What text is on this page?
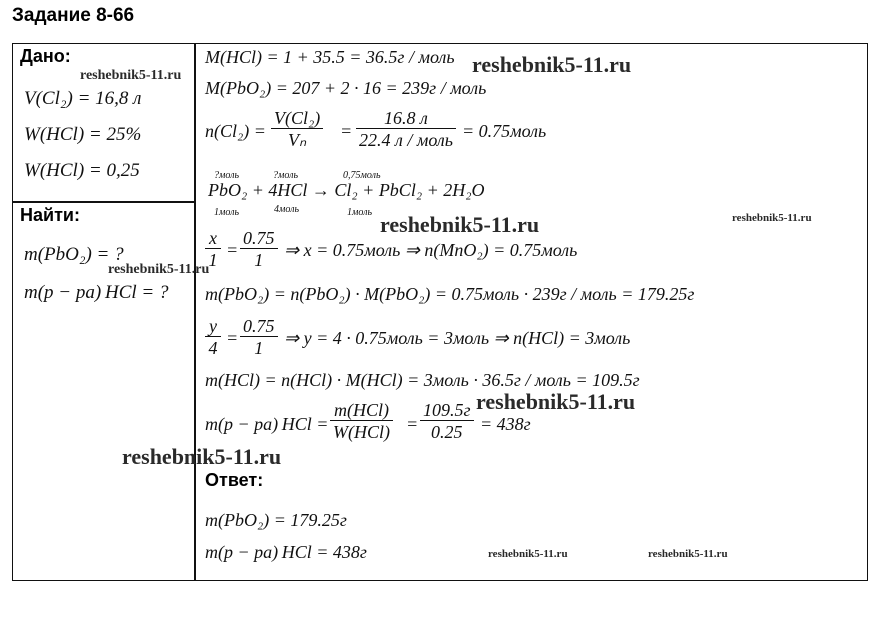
Задание 8-66
Дано:
V(Cl₂) = 16,8 л
W(HCl) = 25%
W(HCl) = 0,25
Найти:
m(PbO₂) = ?
m(p − pa) HCl = ?
M(HCl) = 1 + 35.5 = 36.5г / моль
M(PbO₂) = 207 + 2 · 16 = 239г / моль
n(Cl₂) =
V(Cl₂)
Vₙ =
16.8 л
22.4 л / моль = 0.75моль
?моль	?моль	0,75моль
PbO₂ + 4HCl → Cl₂ + PbCl₂ + 2H₂O
1моль	4моль	1моль
x
1
=
0.75
1
⇒ x = 0.75моль ⇒ n(MnO₂) = 0.75моль
m(PbO₂) = n(PbO₂) · M(PbO₂) = 0.75моль · 239г / моль = 179.25г
y
4
=
0.75
1
⇒ y = 4 · 0.75моль = 3моль ⇒ n(HCl) = 3моль
m(HCl) = n(HCl) · M(HCl) = 3моль · 36.5г / моль = 109.5г
m(p − pa) HCl =
m(HCl)
W(HCl) =
109.5г
0.25 = 438г
Ответ:
m(PbO₂) = 179.25г
m(p − pa) HCl = 438г
reshebnik5-11.ru
reshebnik5-11.ru
reshebnik5-11.ru	reshebnik5-11.ru
reshebnik5-11.ru
reshebnik5-11.ru
reshebnik5-11.ru
reshebnik5-11.ru	reshebnik5-11.ru
